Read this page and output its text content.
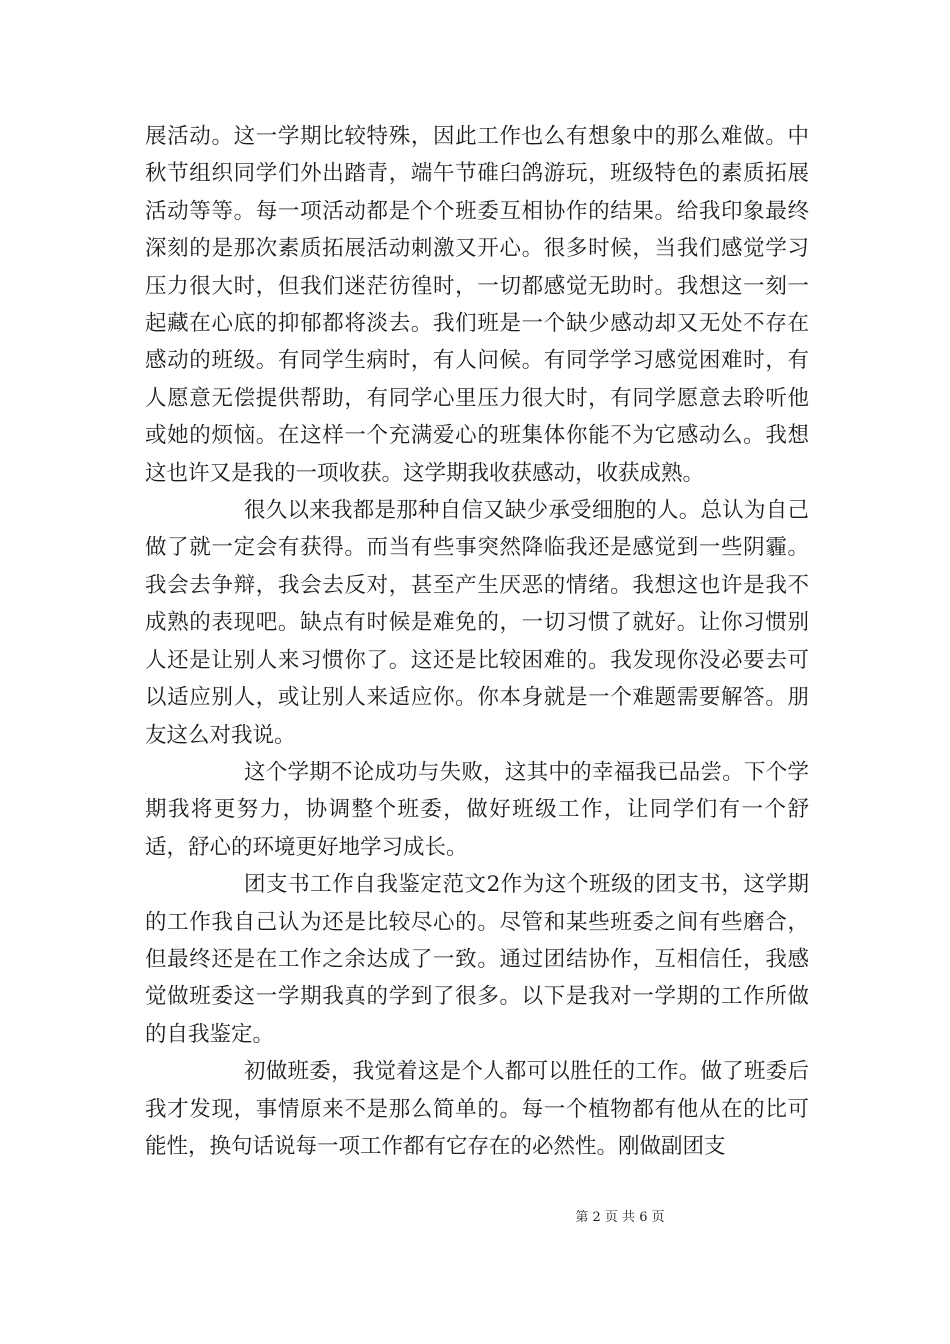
展活动。这一学期比较特殊，因此工作也么有想象中的那么难做。中秋节组织同学们外出踏青，端午节碓臼鸽游玩，班级特色的素质拓展活动等等。每一项活动都是个个班委互相协作的结果。给我印象最终深刻的是那次素质拓展活动刺激又开心。很多时候，当我们感觉学习压力很大时，但我们迷茫彷徨时，一切都感觉无助时。我想这一刻一起藏在心底的抑郁都将淡去。我们班是一个缺少感动却又无处不存在感动的班级。有同学生病时，有人问候。有同学学习感觉困难时，有人愿意无偿提供帮助，有同学心里压力很大时，有同学愿意去聆听他或她的烦恼。在这样一个充满爱心的班集体你能不为它感动么。我想这也许又是我的一项收获。这学期我收获感动，收获成熟。

很久以来我都是那种自信又缺少承受细胞的人。总认为自己做了就一定会有获得。而当有些事突然降临我还是感觉到一些阴霾。我会去争辩，我会去反对，甚至产生厌恶的情绪。我想这也许是我不成熟的表现吧。缺点有时候是难免的，一切习惯了就好。让你习惯别人还是让别人来习惯你了。这还是比较困难的。我发现你没必要去可以适应别人，或让别人来适应你。你本身就是一个难题需要解答。朋友这么对我说。

这个学期不论成功与失败，这其中的幸福我已品尝。下个学期我将更努力，协调整个班委，做好班级工作，让同学们有一个舒适，舒心的环境更好地学习成长。

团支书工作自我鉴定范文2作为这个班级的团支书，这学期的工作我自己认为还是比较尽心的。尽管和某些班委之间有些磨合，但最终还是在工作之余达成了一致。通过团结协作，互相信任，我感觉做班委这一学期我真的学到了很多。以下是我对一学期的工作所做的自我鉴定。

初做班委，我觉着这是个人都可以胜任的工作。做了班委后我才发现，事情原来不是那么简单的。每一个植物都有他从在的比可能性，换句话说每一项工作都有它存在的必然性。刚做副团支

第 2 页 共 6 页
